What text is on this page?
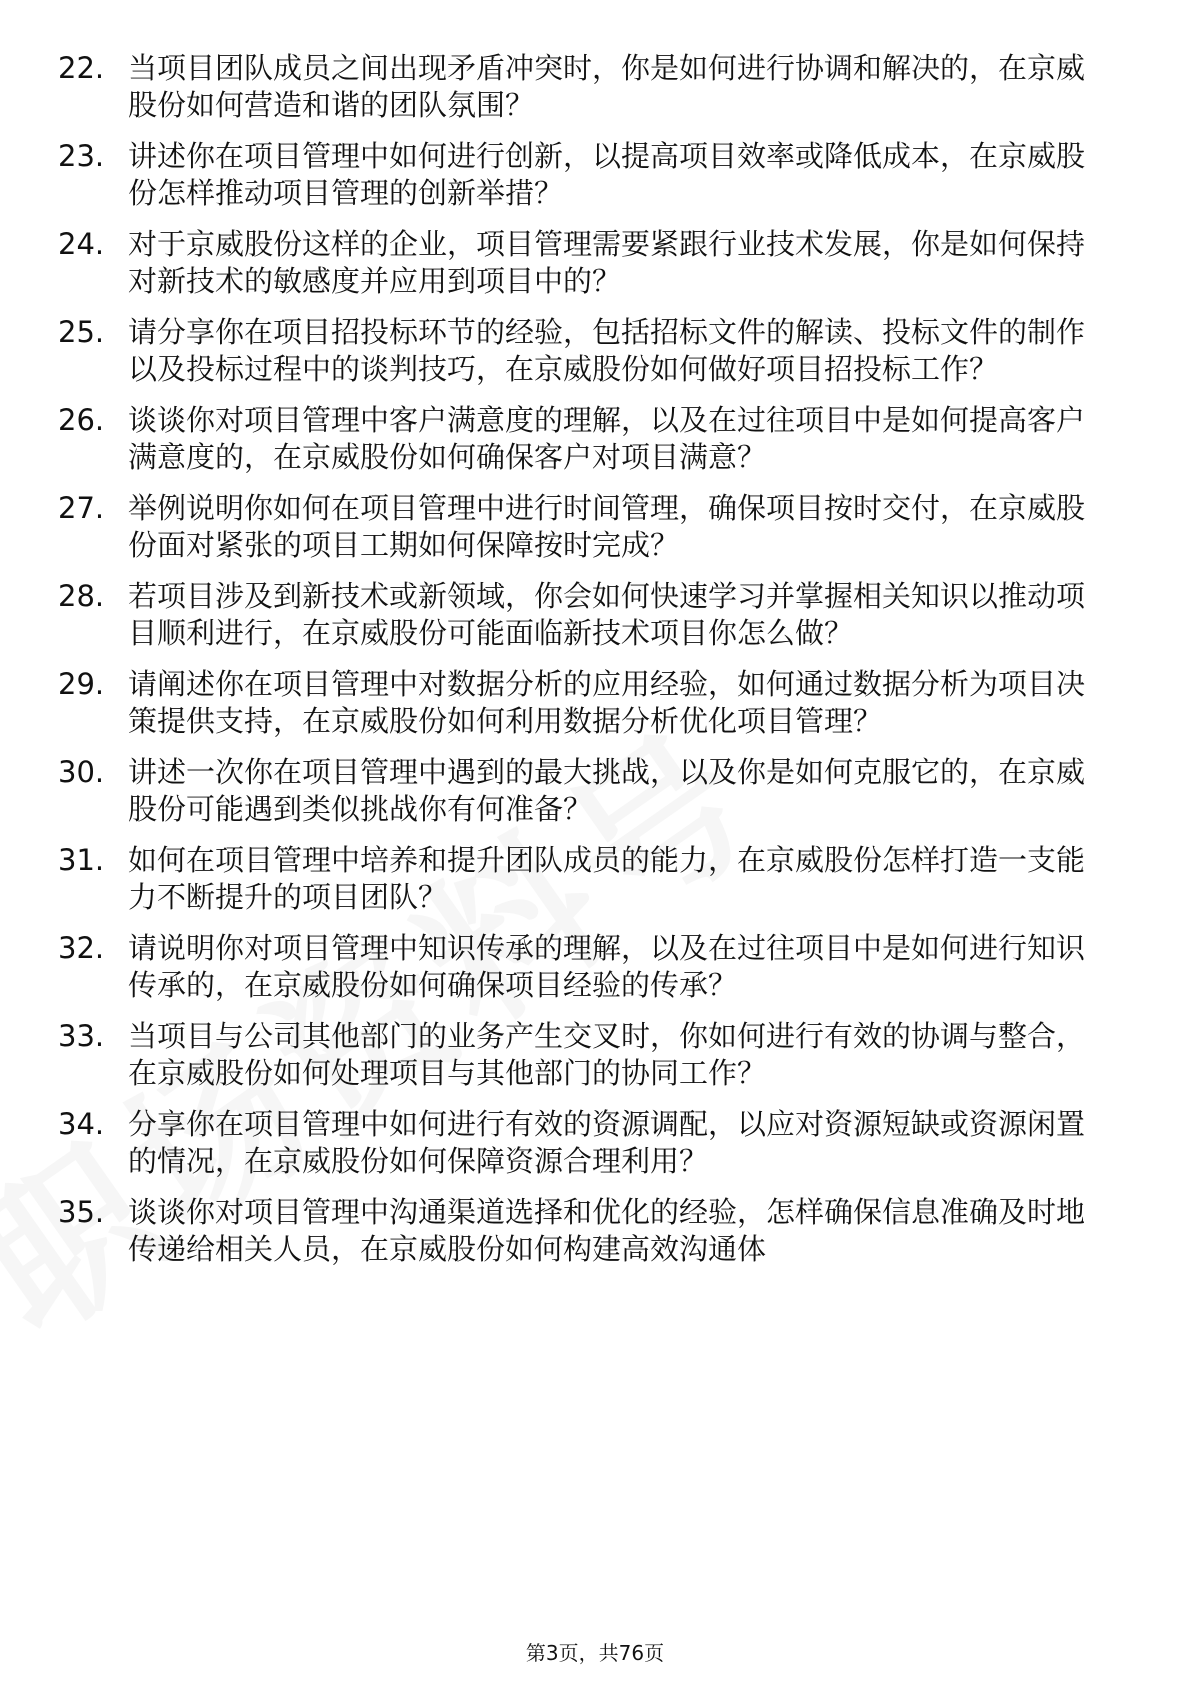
22. 当项目团队成员之间出现矛盾冲突时，你是如何进行协调和解决的，在京威股份如何营造和谐的团队氛围？
23. 讲述你在项目管理中如何进行创新，以提高项目效率或降低成本，在京威股份怎样推动项目管理的创新举措？
24. 对于京威股份这样的企业，项目管理需要紧跟行业技术发展，你是如何保持对新技术的敏感度并应用到项目中的？
25. 请分享你在项目招投标环节的经验，包括招标文件的解读、投标文件的制作以及投标过程中的谈判技巧，在京威股份如何做好项目招投标工作？
26. 谈谈你对项目管理中客户满意度的理解，以及在过往项目中是如何提高客户满意度的，在京威股份如何确保客户对项目满意？
27. 举例说明你如何在项目管理中进行时间管理，确保项目按时交付，在京威股份面对紧张的项目工期如何保障按时完成？
28. 若项目涉及到新技术或新领域，你会如何快速学习并掌握相关知识以推动项目顺利进行，在京威股份可能面临新技术项目你怎么做？
29. 请阐述你在项目管理中对数据分析的应用经验，如何通过数据分析为项目决策提供支持，在京威股份如何利用数据分析优化项目管理？
30. 讲述一次你在项目管理中遇到的最大挑战，以及你是如何克服它的，在京威股份可能遇到类似挑战你有何准备？
31. 如何在项目管理中培养和提升团队成员的能力，在京威股份怎样打造一支能力不断提升的项目团队？
32. 请说明你对项目管理中知识传承的理解，以及在过往项目中是如何进行知识传承的，在京威股份如何确保项目经验的传承？
33. 当项目与公司其他部门的业务产生交叉时，你如何进行有效的协调与整合，在京威股份如何处理项目与其他部门的协同工作？
34. 分享你在项目管理中如何进行有效的资源调配，以应对资源短缺或资源闲置的情况，在京威股份如何保障资源合理利用？
35. 谈谈你对项目管理中沟通渠道选择和优化的经验，怎样确保信息准确及时地传递给相关人员，在京威股份如何构建高效沟通体
第3页，共76页
